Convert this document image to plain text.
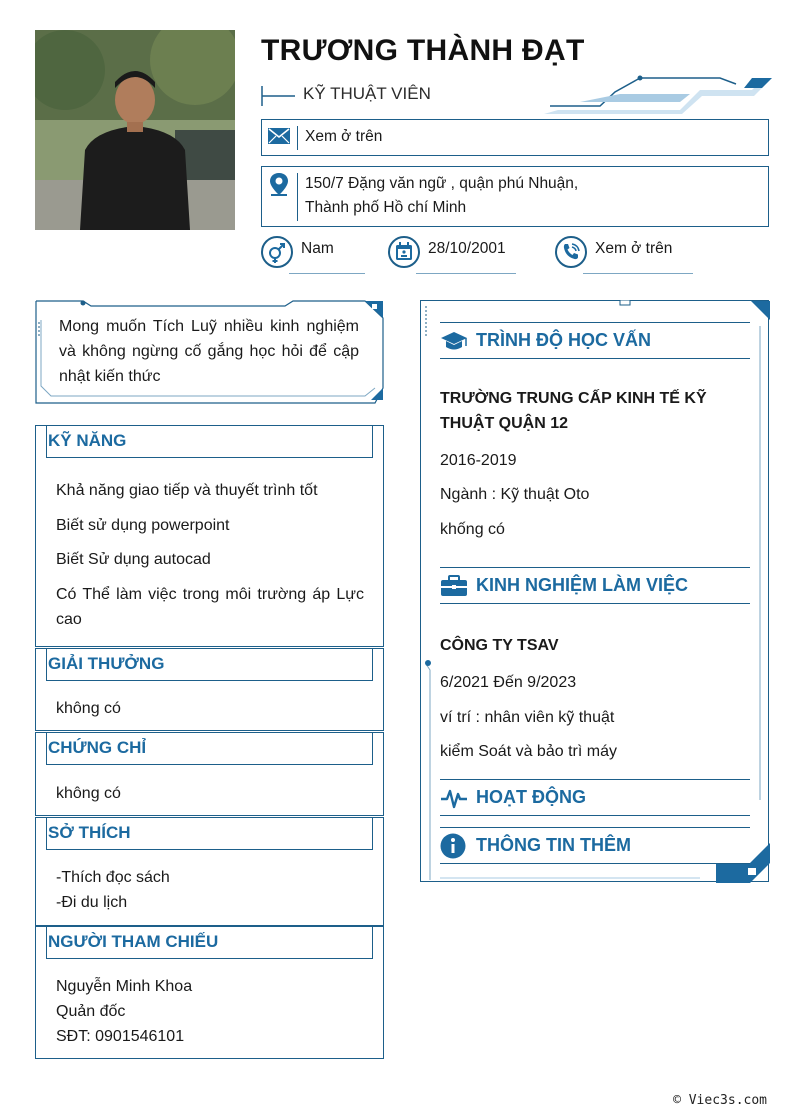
TRƯƠNG THÀNH ĐẠT
KỸ THUẬT VIÊN
Xem ở trên
150/7 Đặng văn ngữ , quận phú Nhuận,
Thành phố Hồ chí Minh
Nam	28/10/2001	Xem ở trên
Mong muốn Tích Luỹ nhiều kinh nghiệm và không ngừng cố gắng học hỏi để cập nhật kiến thức
KỸ NĂNG
Khả năng giao tiếp và thuyết trình tốt
Biết sử dụng powerpoint
Biết Sử dụng autocad
Có Thể làm việc trong môi trường áp Lực cao
GIẢI THƯỞNG
không có
CHỨNG CHỈ
không có
SỞ THÍCH
-Thích đọc sách
-Đi du lịch
NGƯỜI THAM CHIẾU
Nguyễn Minh Khoa
Quản đốc
SĐT: 0901546101
TRÌNH ĐỘ HỌC VẤN
TRƯỜNG TRUNG CẤP KINH TẾ KỸ THUẬT QUẬN 12
2016-2019
Ngành : Kỹ thuật Oto
khống có
KINH NGHIỆM LÀM VIỆC
CÔNG TY TSAV
6/2021 Đến 9/2023
ví trí : nhân viên kỹ thuật
kiểm Soát và bảo trì máy
HOẠT ĐỘNG
THÔNG TIN THÊM
© Viec3s.com
